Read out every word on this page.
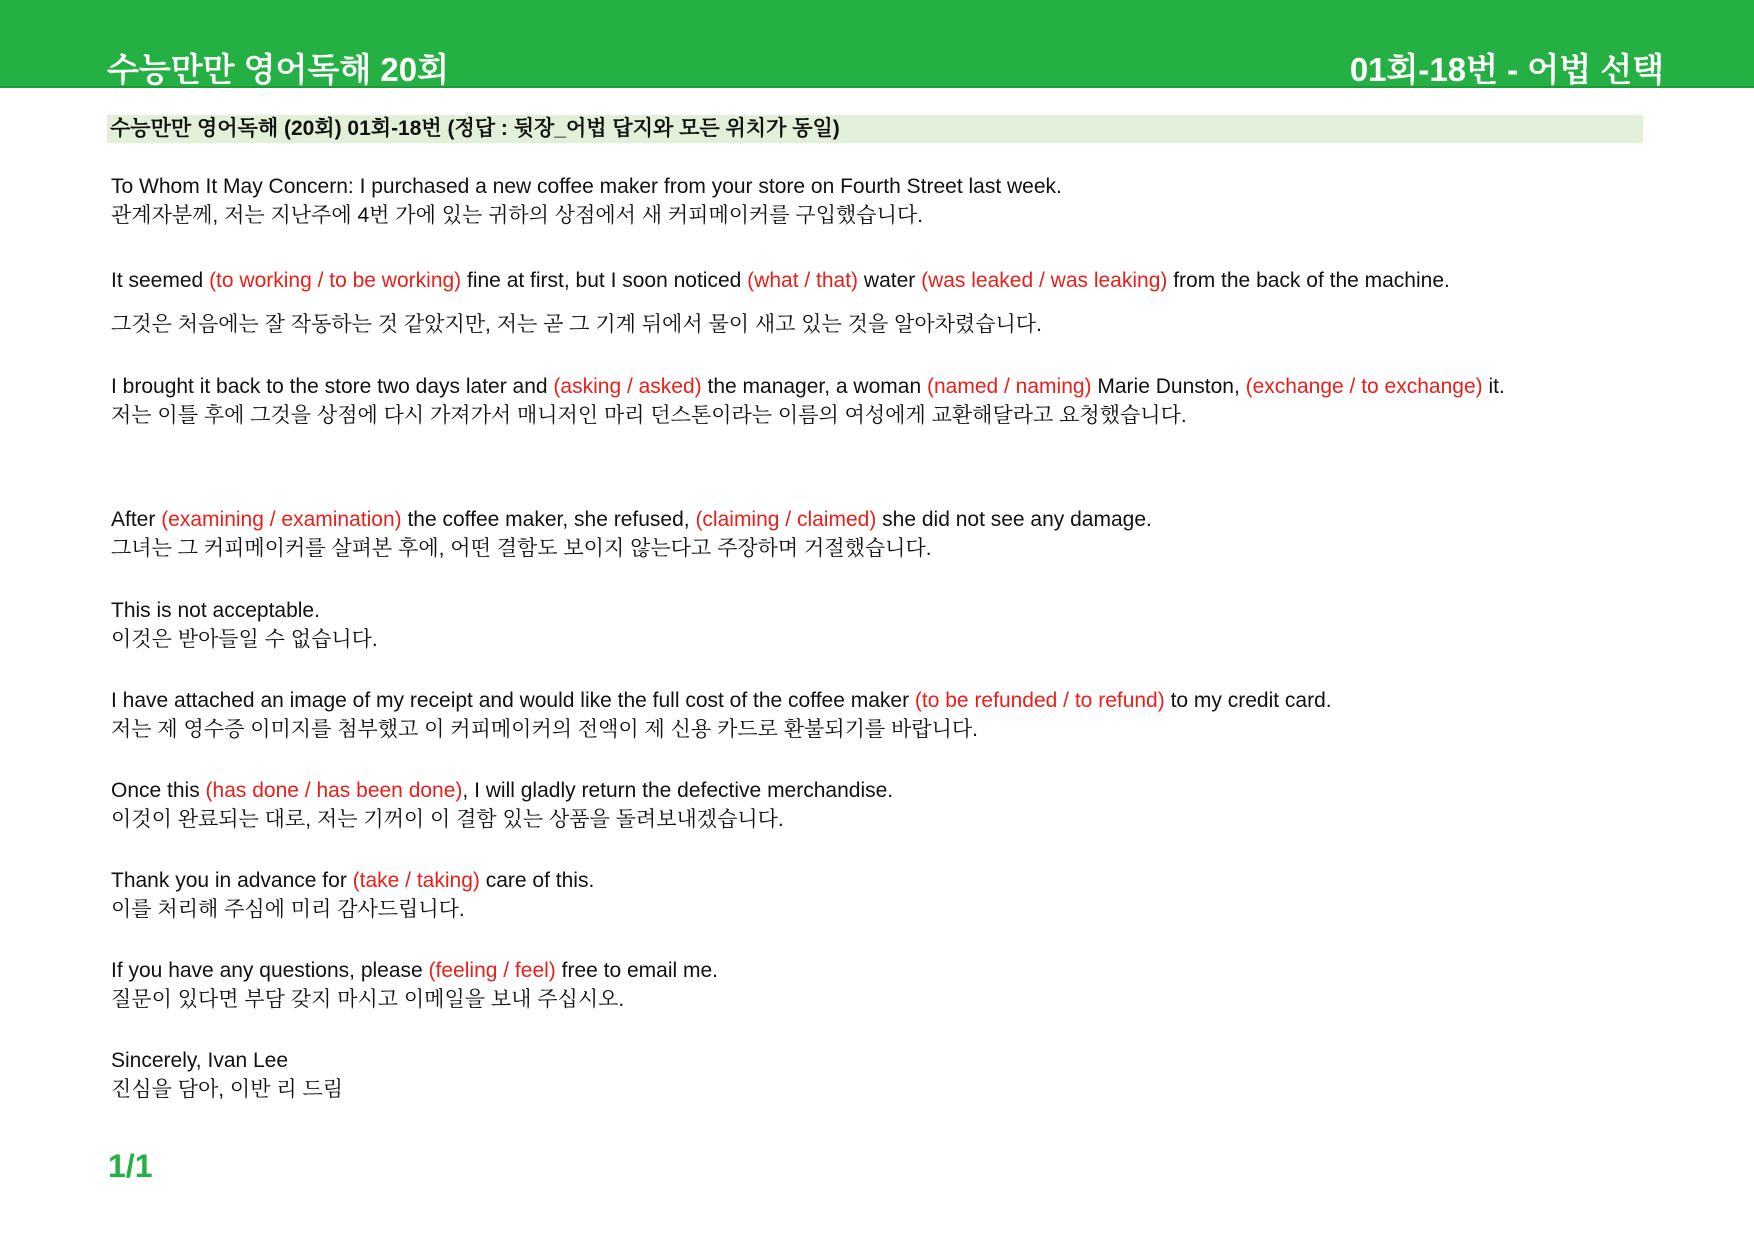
수능만만 영어독해 20회	01회-18번 - 어법 선택
수능만만 영어독해 (20회) 01회-18번 (정답 : 뒷장_어법 답지와 모든 위치가 동일)
To Whom It May Concern: I purchased a new coffee maker from your store on Fourth Street last week.
관계자분께, 저는 지난주에 4번 가에 있는 귀하의 상점에서 새 커피메이커를 구입했습니다.
It seemed (to working / to be working) fine at first, but I soon noticed (what / that) water (was leaked / was leaking) from the back of the machine.
그것은 처음에는 잘 작동하는 것 같았지만, 저는 곧 그 기계 뒤에서 물이 새고 있는 것을 알아차렸습니다.
I brought it back to the store two days later and (asking / asked) the manager, a woman (named / naming) Marie Dunston, (exchange / to exchange) it.
저는 이틀 후에 그것을 상점에 다시 가져가서 매니저인 마리 던스톤이라는 이름의 여성에게 교환해달라고 요청했습니다.
After (examining / examination) the coffee maker, she refused, (claiming / claimed) she did not see any damage.
그녀는 그 커피메이커를 살펴본 후에, 어떤 결함도 보이지 않는다고 주장하며 거절했습니다.
This is not acceptable.
이것은 받아들일 수 없습니다.
I have attached an image of my receipt and would like the full cost of the coffee maker (to be refunded / to refund) to my credit card.
저는 제 영수증 이미지를 첨부했고 이 커피메이커의 전액이 제 신용 카드로 환불되기를 바랍니다.
Once this (has done / has been done), I will gladly return the defective merchandise.
이것이 완료되는 대로, 저는 기꺼이 이 결함 있는 상품을 돌려보내겠습니다.
Thank you in advance for (take / taking) care of this.
이를 처리해 주심에 미리 감사드립니다.
If you have any questions, please (feeling / feel) free to email me.
질문이 있다면 부담 갖지 마시고 이메일을 보내 주십시오.
Sincerely, Ivan Lee
진심을 담아, 이반 리 드림
1/1
